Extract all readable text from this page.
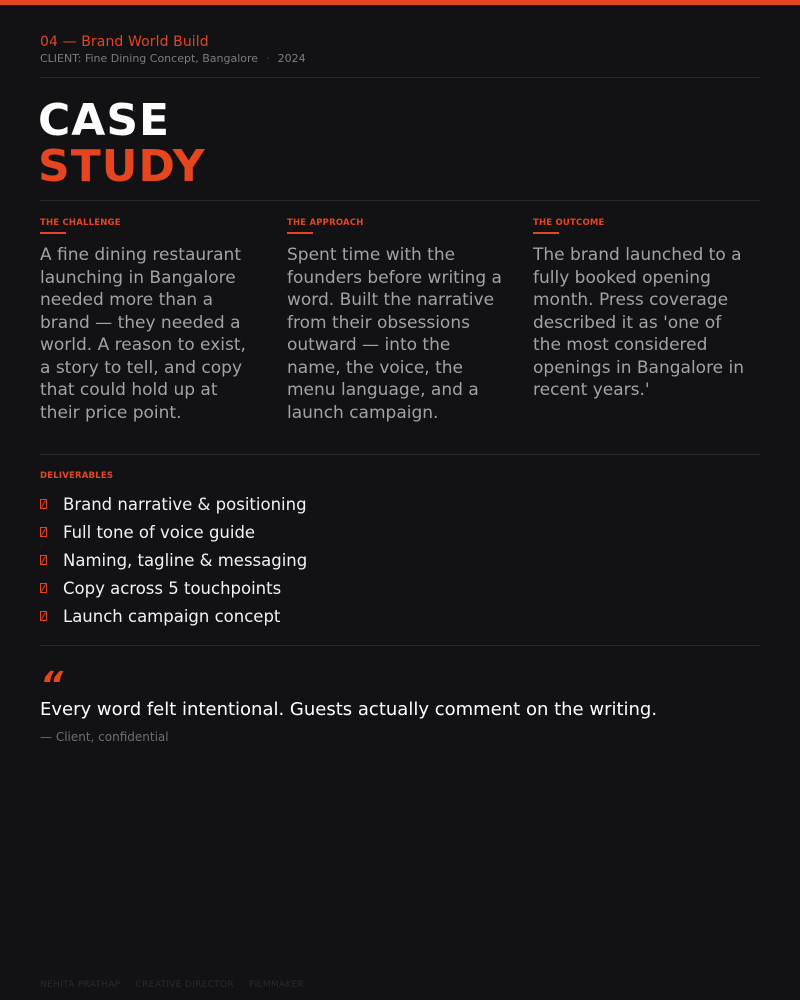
04 — Brand World Build
CLIENT: Fine Dining Concept, Bangalore · 2024
CASE
STUDY
THE CHALLENGE
A fine dining restaurant launching in Bangalore needed more than a brand — they needed a world. A reason to exist, a story to tell, and copy that could hold up at their price point.
THE APPROACH
Spent time with the founders before writing a word. Built the narrative from their obsessions outward — into the name, the voice, the menu language, and a launch campaign.
THE OUTCOME
The brand launched to a fully booked opening month. Press coverage described it as 'one of the most considered openings in Bangalore in recent years.'
DELIVERABLES
Brand narrative & positioning
Full tone of voice guide
Naming, tagline & messaging
Copy across 5 touchpoints
Launch campaign concept
“
Every word felt intentional. Guests actually comment on the writing.
— Client, confidential
NEHITA PRATHAP · CREATIVE DIRECTOR · FILMMAKER
